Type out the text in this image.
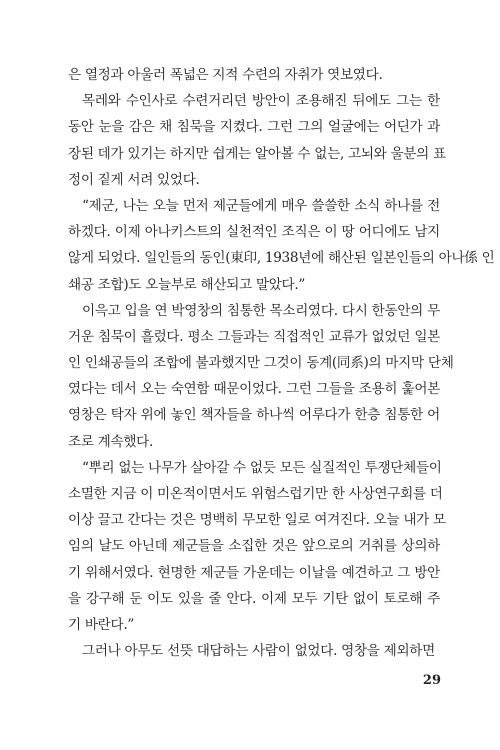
은 열정과 아울러 폭넓은 지적 수련의 자취가 엿보였다.
목레와 수인사로 수련거리던 방안이 조용해진 뒤에도 그는 한
동안 눈을 감은 채 침묵을 지켰다. 그런 그의 얼굴에는 어딘가 과
장된 데가 있기는 하지만 쉽게는 알아볼 수 없는, 고뇌와 울분의 표
정이 짙게 서려 있었다.
“제군, 나는 오늘 먼저 제군들에게 매우 쓸쓸한 소식 하나를 전
하겠다. 이제 아나키스트의 실천적인 조직은 이 땅 어디에도 남지
않게 되었다. 일인들의 동인(東印, 1938년에 해산된 일본인들의 아나係 인
쇄공 조합)도 오늘부로 해산되고 말았다.”
이윽고 입을 연 박영창의 침통한 목소리였다. 다시 한동안의 무
거운 침묵이 흘렀다. 평소 그들과는 직접적인 교류가 없었던 일본
인 인쇄공들의 조합에 불과했지만 그것이 동계(同系)의 마지막 단체
였다는 데서 오는 숙연함 때문이었다. 그런 그들을 조용히 훑어본
영창은 탁자 위에 놓인 책자들을 하나씩 어루다가 한층 침통한 어
조로 계속했다.
“뿌리 없는 나무가 살아갈 수 없듯 모든 실질적인 투쟁단체들이
소멸한 지금 이 미온적이면서도 위험스럽기만 한 사상연구회를 더
이상 끌고 간다는 것은 명백히 무모한 일로 여겨진다. 오늘 내가 모
임의 날도 아닌데 제군들을 소집한 것은 앞으로의 거취를 상의하
기 위해서였다. 현명한 제군들 가운데는 이날을 예견하고 그 방안
을 강구해 둔 이도 있을 줄 안다. 이제 모두 기탄 없이 토로해 주
기 바란다.”
그러나 아무도 선뜻 대답하는 사람이 없었다. 영창을 제외하면
29
